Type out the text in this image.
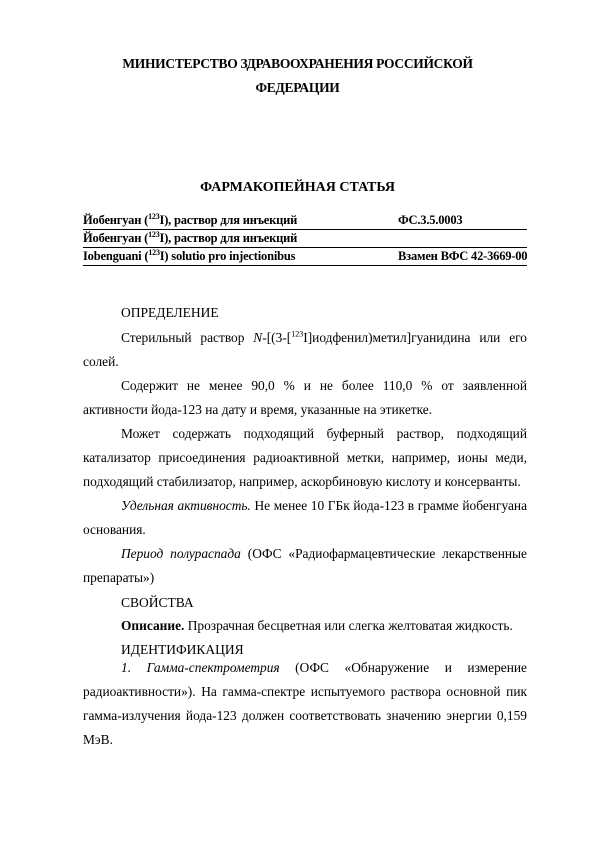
МИНИСТЕРСТВО ЗДРАВООХРАНЕНИЯ РОССИЙСКОЙ
ФЕДЕРАЦИИ
ФАРМАКОПЕЙНАЯ СТАТЬЯ
Йобенгуан ($^{123}$I), раствор для инъекций	ФС.3.5.0003
Йобенгуан ($^{123}$I), раствор для инъекций
Iobenguani ($^{123}$I) solutio pro injectionibus	Взамен ВФС 42-3669-00
ОПРЕДЕЛЕНИЕ
Стерильный раствор N-[(3-[$^{123}$I]иодфенил)метил]гуанидина или его солей.
Содержит не менее 90,0 % и не более 110,0 % от заявленной активности йода-123 на дату и время, указанные на этикетке.
Может содержать подходящий буферный раствор, подходящий катализатор присоединения радиоактивной метки, например, ионы меди, подходящий стабилизатор, например, аскорбиновую кислоту и консерванты.
Удельная активность. Не менее 10 ГБк йода-123 в грамме йобенгуана основания.
Период полураспада (ОФС «Радиофармацевтические лекарственные препараты»)
СВОЙСТВА
Описание. Прозрачная бесцветная или слегка желтоватая жидкость.
ИДЕНТИФИКАЦИЯ
1. Гамма-спектрометрия (ОФС «Обнаружение и измерение радиоактивности»). На гамма-спектре испытуемого раствора основной пик гамма-излучения йода-123 должен соответствовать значению энергии 0,159 МэВ.
